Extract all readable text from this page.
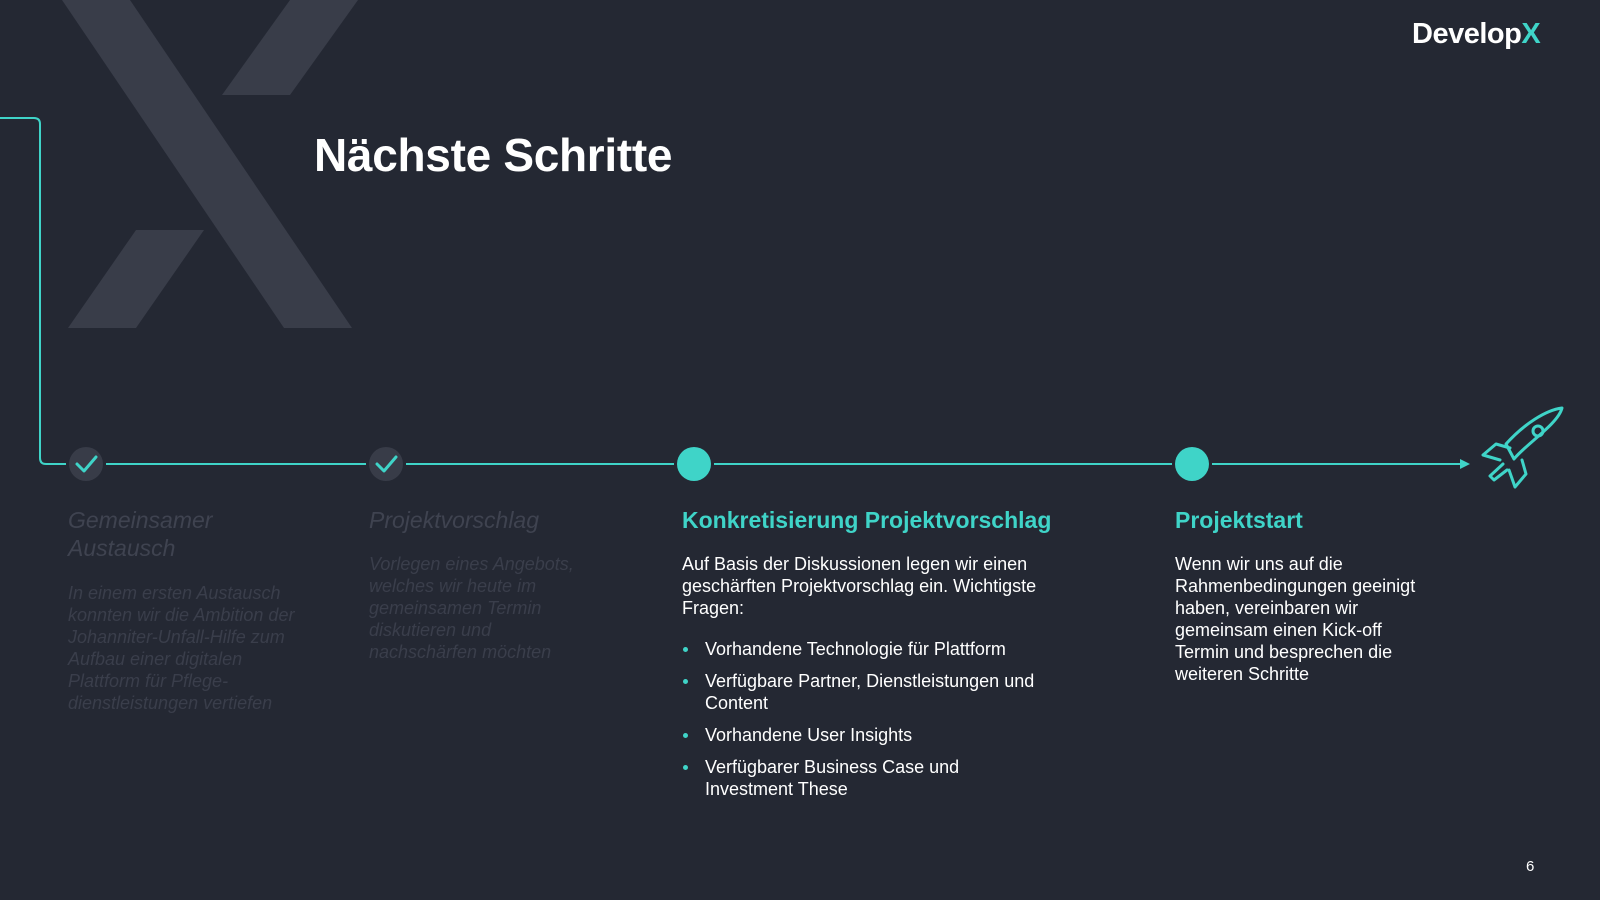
DevelopX
Nächste Schritte
Gemeinsamer Austausch

In einem ersten Austausch konnten wir die Ambition der Johanniter-Unfall-Hilfe zum Aufbau einer digitalen Plattform für Pflege-dienstleistungen vertiefen

Projektvorschlag

Vorlegen eines Angebots, welches wir heute im gemeinsamen Termin diskutieren und nachschärfen möchten

Konkretisierung Projektvorschlag

Auf Basis der Diskussionen legen wir einen geschärften Projektvorschlag ein. Wichtigste Fragen:

Vorhandene Technologie für Plattform
Verfügbare Partner, Dienstleistungen und Content
Vorhandene User Insights
Verfügbarer Business Case und Investment These
Projektstart

Wenn wir uns auf die Rahmenbedingungen geeinigt haben, vereinbaren wir gemeinsam einen Kick-off Termin und besprechen die weiteren Schritte

6
